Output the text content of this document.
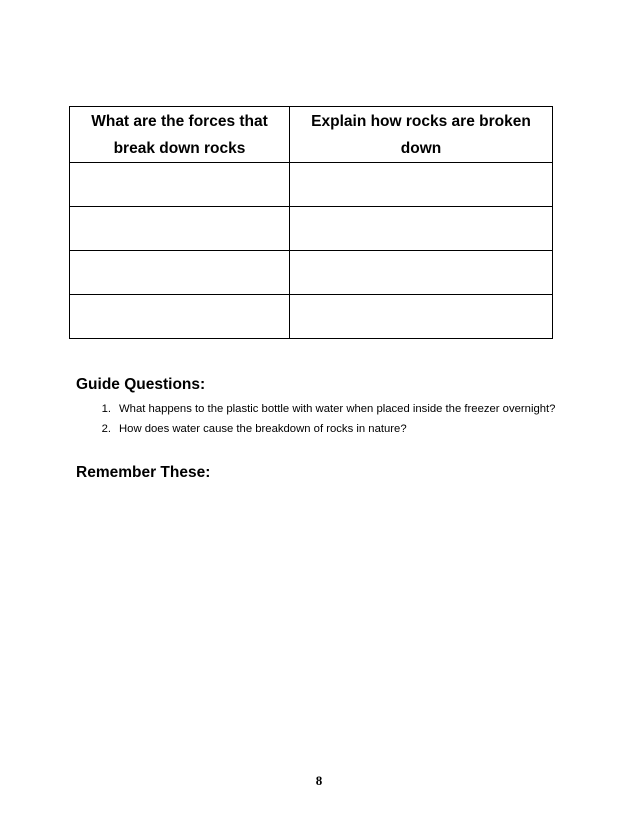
What are the forces that break down rocks	Explain how rocks are broken down

Guide Questions:
1. What happens to the plastic bottle with water when placed inside the freezer overnight?
2. How does water cause the breakdown of rocks in nature?
Remember These:
8
